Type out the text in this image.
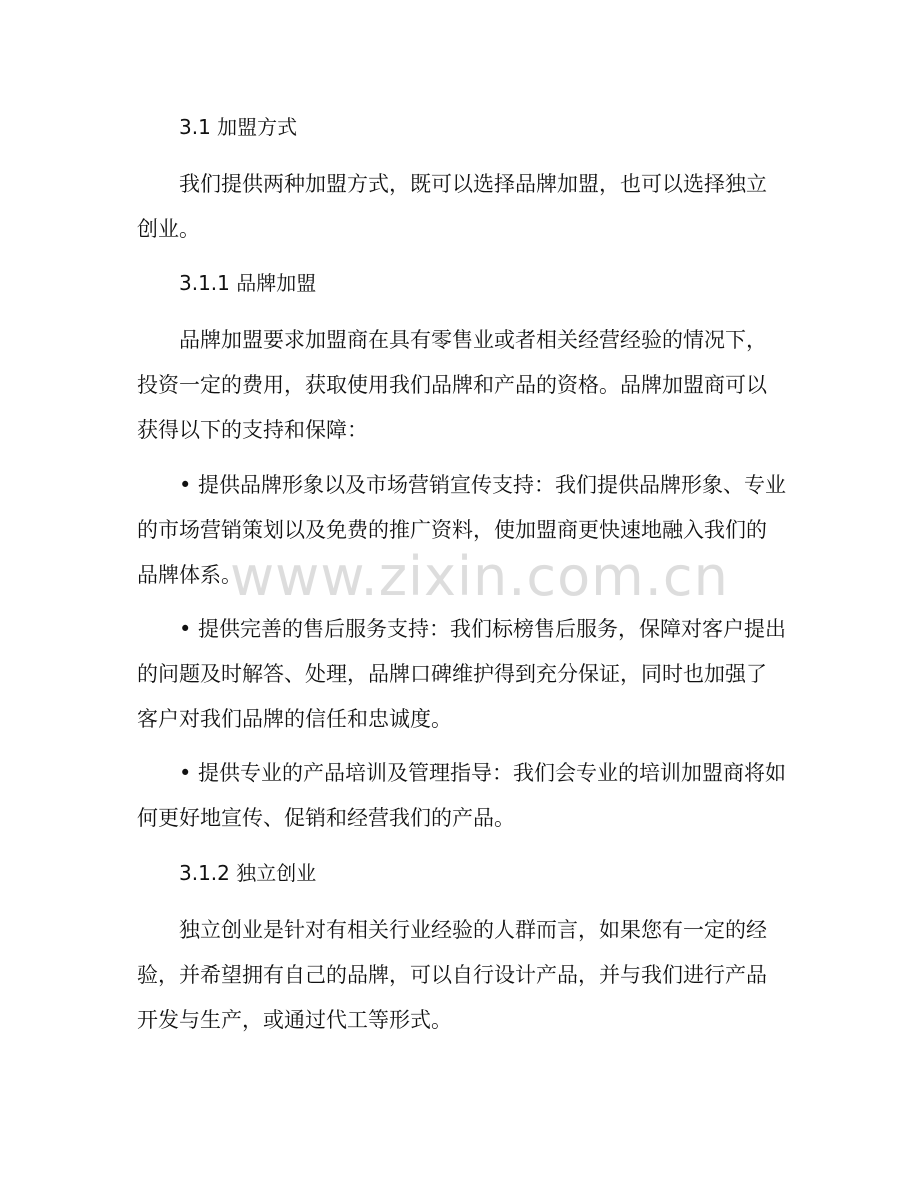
3.1 加盟方式

我们提供两种加盟方式，既可以选择品牌加盟，也可以选择独立
创业。

3.1.1 品牌加盟

品牌加盟要求加盟商在具有零售业或者相关经营经验的情况下，
投资一定的费用，获取使用我们品牌和产品的资格。品牌加盟商可以
获得以下的支持和保障：

• 提供品牌形象以及市场营销宣传支持：我们提供品牌形象、专业
的市场营销策划以及免费的推广资料，使加盟商更快速地融入我们的
品牌体系。

• 提供完善的售后服务支持：我们标榜售后服务，保障对客户提出
的问题及时解答、处理，品牌口碑维护得到充分保证，同时也加强了
客户对我们品牌的信任和忠诚度。

• 提供专业的产品培训及管理指导：我们会专业的培训加盟商将如
何更好地宣传、促销和经营我们的产品。

3.1.2 独立创业

独立创业是针对有相关行业经验的人群而言，如果您有一定的经
验，并希望拥有自己的品牌，可以自行设计产品，并与我们进行产品
开发与生产，或通过代工等形式。

www.zixin.com.cn
